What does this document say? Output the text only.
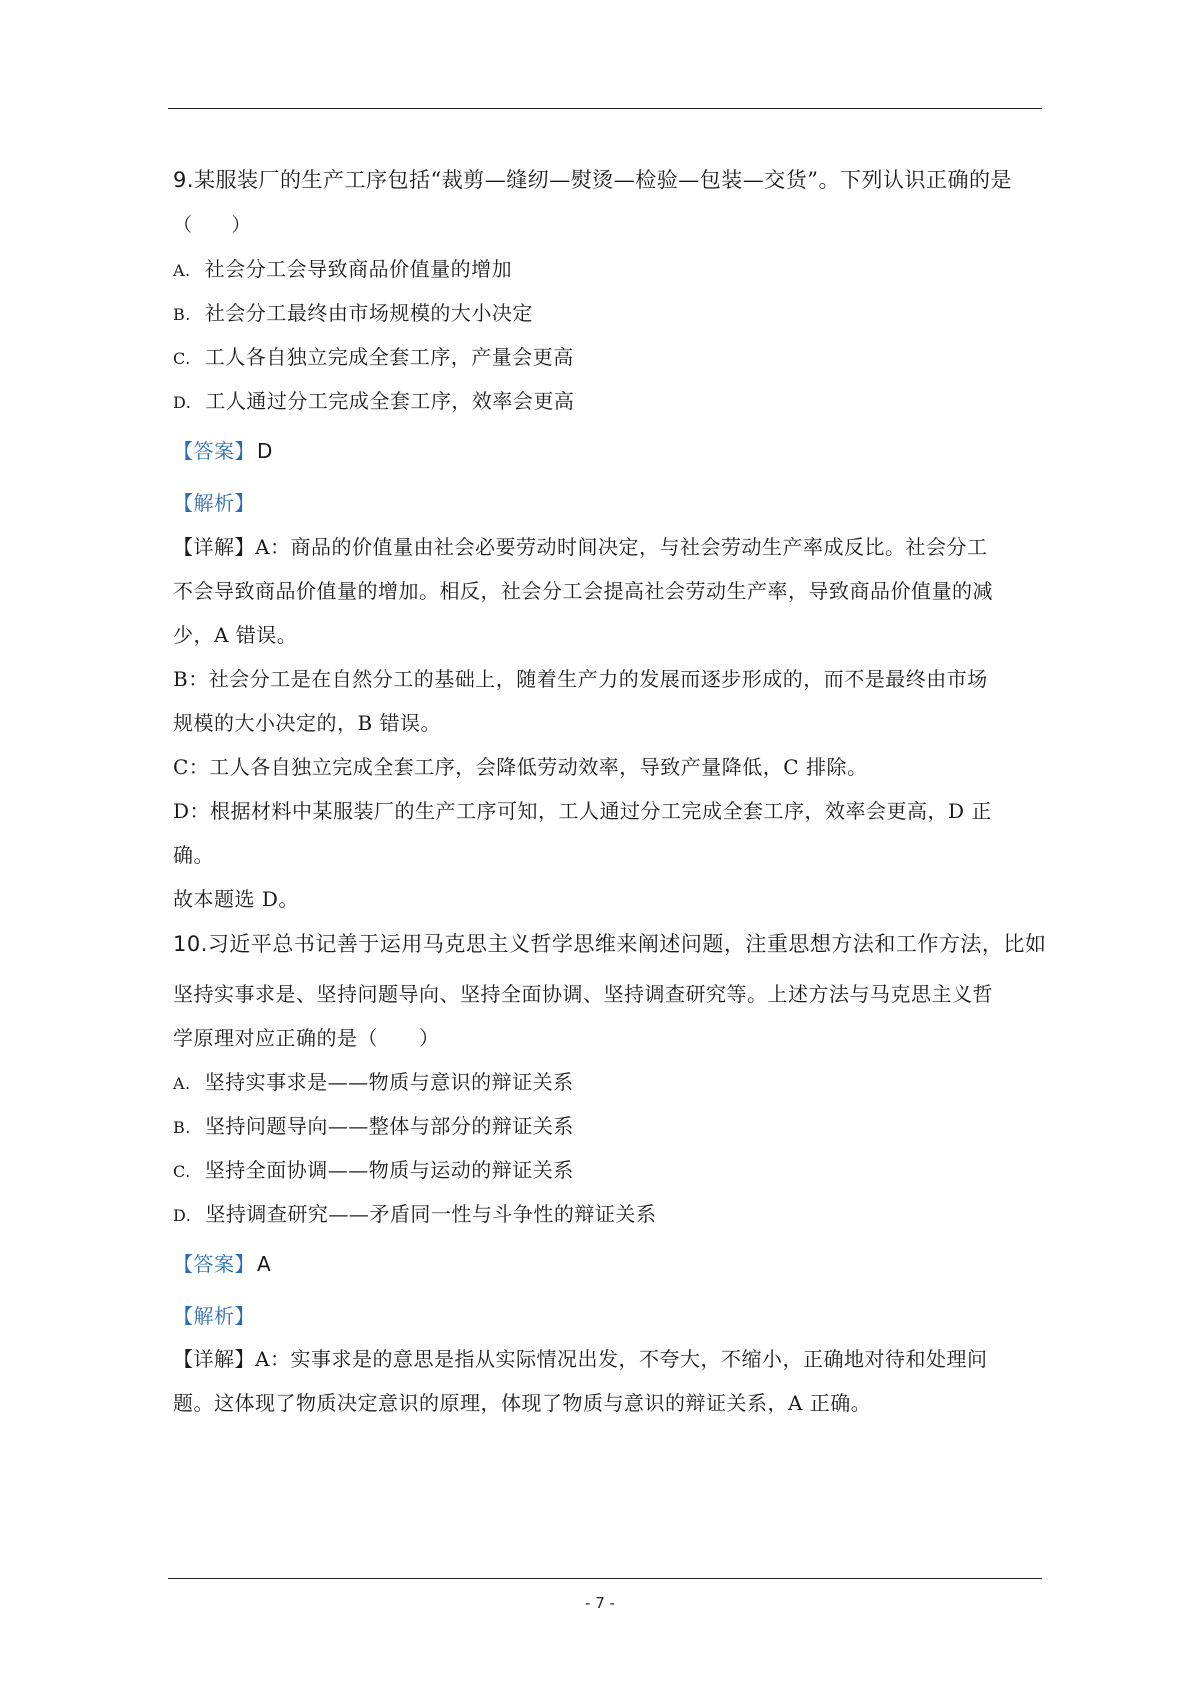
9.某服装厂的生产工序包括“裁剪—缝纫—熨烫—检验—包装—交货”。下列认识正确的是
（　　）
A. 社会分工会导致商品价值量的增加
B. 社会分工最终由市场规模的大小决定
C. 工人各自独立完成全套工序，产量会更高
D. 工人通过分工完成全套工序，效率会更高
【答案】 D
【解析】
【详解】A：商品的价值量由社会必要劳动时间决定，与社会劳动生产率成反比。社会分工
不会导致商品价值量的增加。相反，社会分工会提高社会劳动生产率，导致商品价值量的减
少，A 错误。
B：社会分工是在自然分工的基础上，随着生产力的发展而逐步形成的，而不是最终由市场
规模的大小决定的，B 错误。
C：工人各自独立完成全套工序，会降低劳动效率，导致产量降低，C 排除。
D：根据材料中某服装厂的生产工序可知，工人通过分工完成全套工序，效率会更高，D 正
确。
故本题选 D。
10.习近平总书记善于运用马克思主义哲学思维来阐述问题，注重思想方法和工作方法，比如
坚持实事求是、坚持问题导向、坚持全面协调、坚持调查研究等。上述方法与马克思主义哲
学原理对应正确的是（　　）
A. 坚持实事求是——物质与意识的辩证关系
B. 坚持问题导向——整体与部分的辩证关系
C. 坚持全面协调——物质与运动的辩证关系
D. 坚持调查研究——矛盾同一性与斗争性的辩证关系
【答案】 A
【解析】
【详解】A：实事求是的意思是指从实际情况出发，不夸大，不缩小，正确地对待和处理问
题。这体现了物质决定意识的原理，体现了物质与意识的辩证关系，A 正确。
- 7 -
